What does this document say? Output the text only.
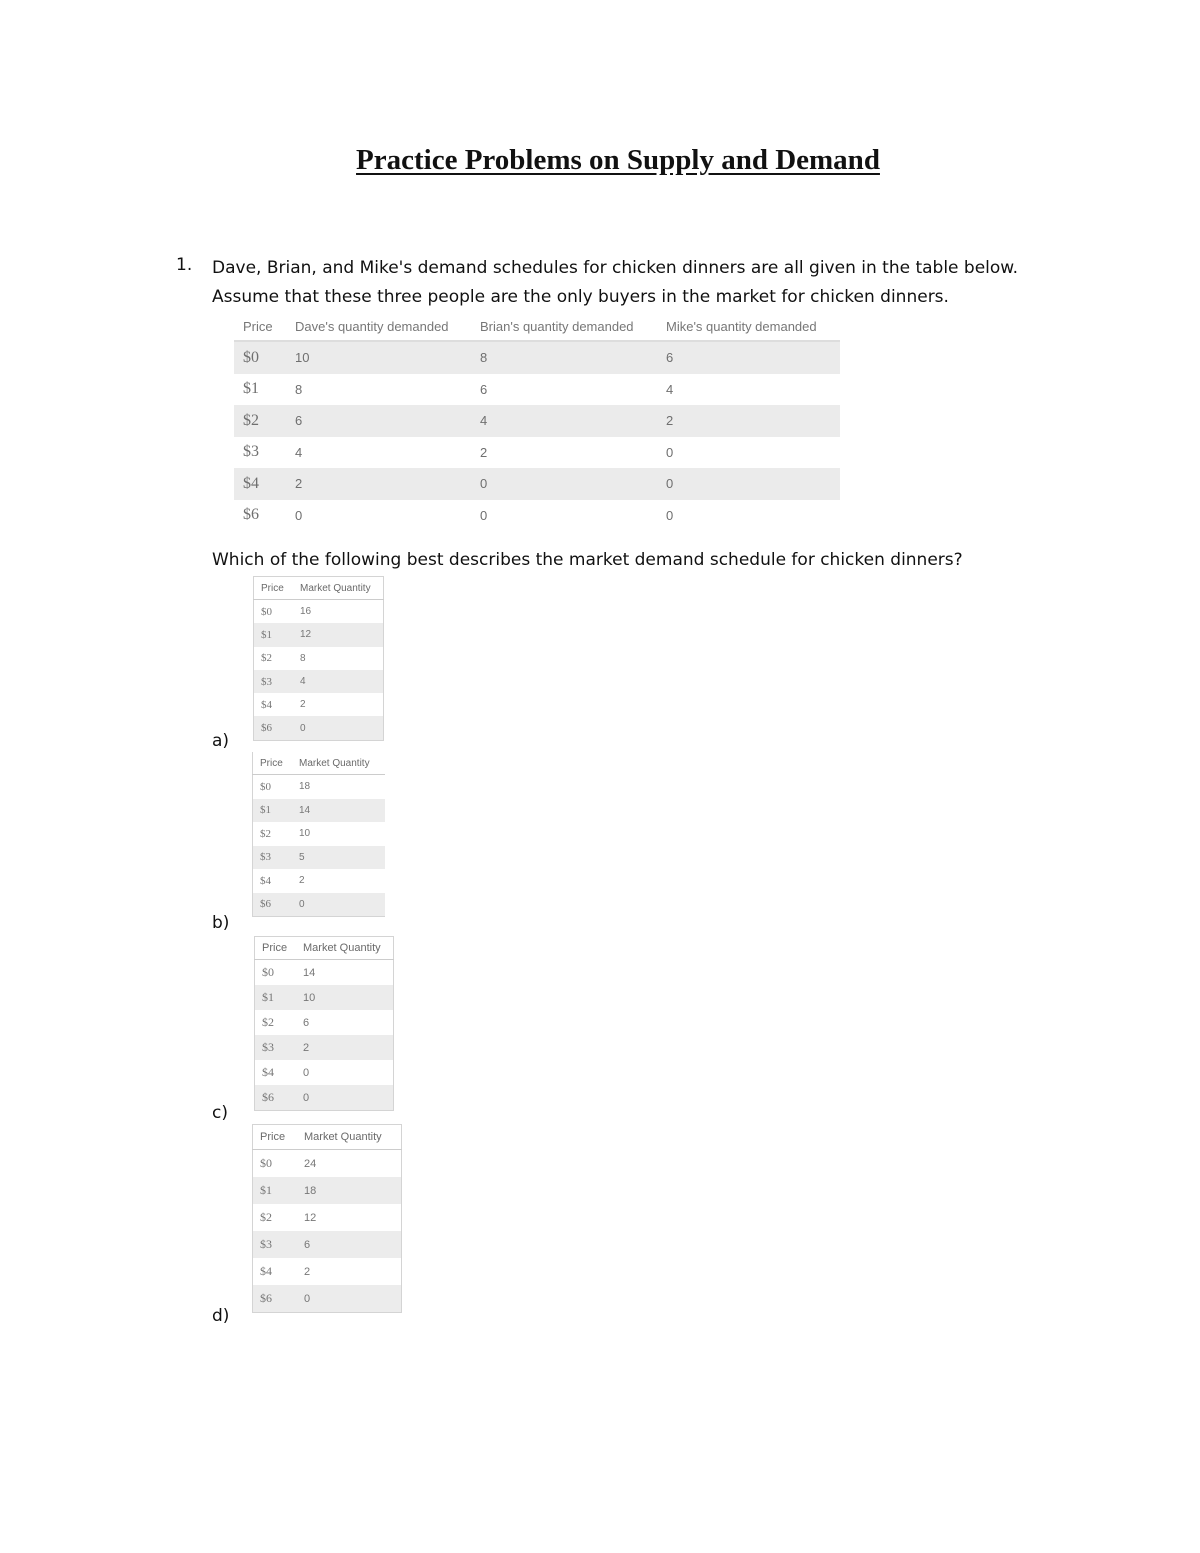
Practice Problems on Supply and Demand
1. Dave, Brian, and Mike's demand schedules for chicken dinners are all given in the table below.
Assume that these three people are the only buyers in the market for chicken dinners.
Price	Dave's quantity demanded	Brian's quantity demanded	Mike's quantity demanded
$0	10	8	6
$1	8	6	4
$2	6	4	2
$3	4	2	0
$4	2	0	0
$6	0	0	0
Which of the following best describes the market demand schedule for chicken dinners?
Price	Market Quantity
$0	16
$1	12
$2	8
$3	4
$4	2
$6	0
a)
Price	Market Quantity
$0	18
$1	14
$2	10
$3	5
$4	2
$6	0
b)
Price	Market Quantity
$0	14
$1	10
$2	6
$3	2
$4	0
$6	0
c)
Price	Market Quantity
$0	24
$1	18
$2	12
$3	6
$4	2
$6	0
d)
